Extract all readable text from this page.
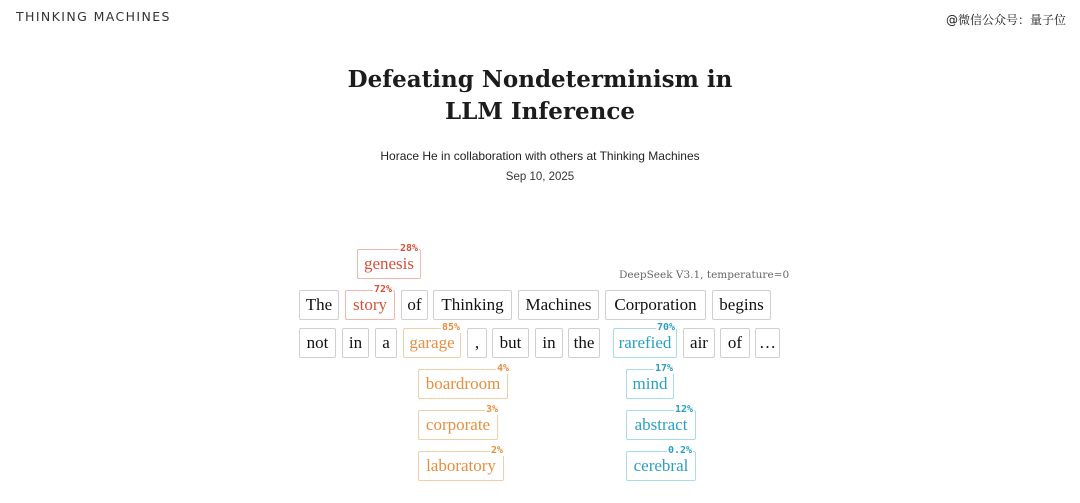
THINKING MACHINES	@微信公众号：量子位
Defeating Nondeterminism in
LLM Inference
Horace He in collaboration with others at Thinking Machines
Sep 10, 2025
DeepSeek V3.1, temperature=0
genesis
28%
The	story
72%
of	Thinking	Machines	Corporation	begins
not	in	a	garage
85%
,	but	in	the	rarefied
70%
air	of …
boardroom
4%
corporate
3%
laboratory
2%
mind
17%
abstract
12%
cerebral
0.2%
